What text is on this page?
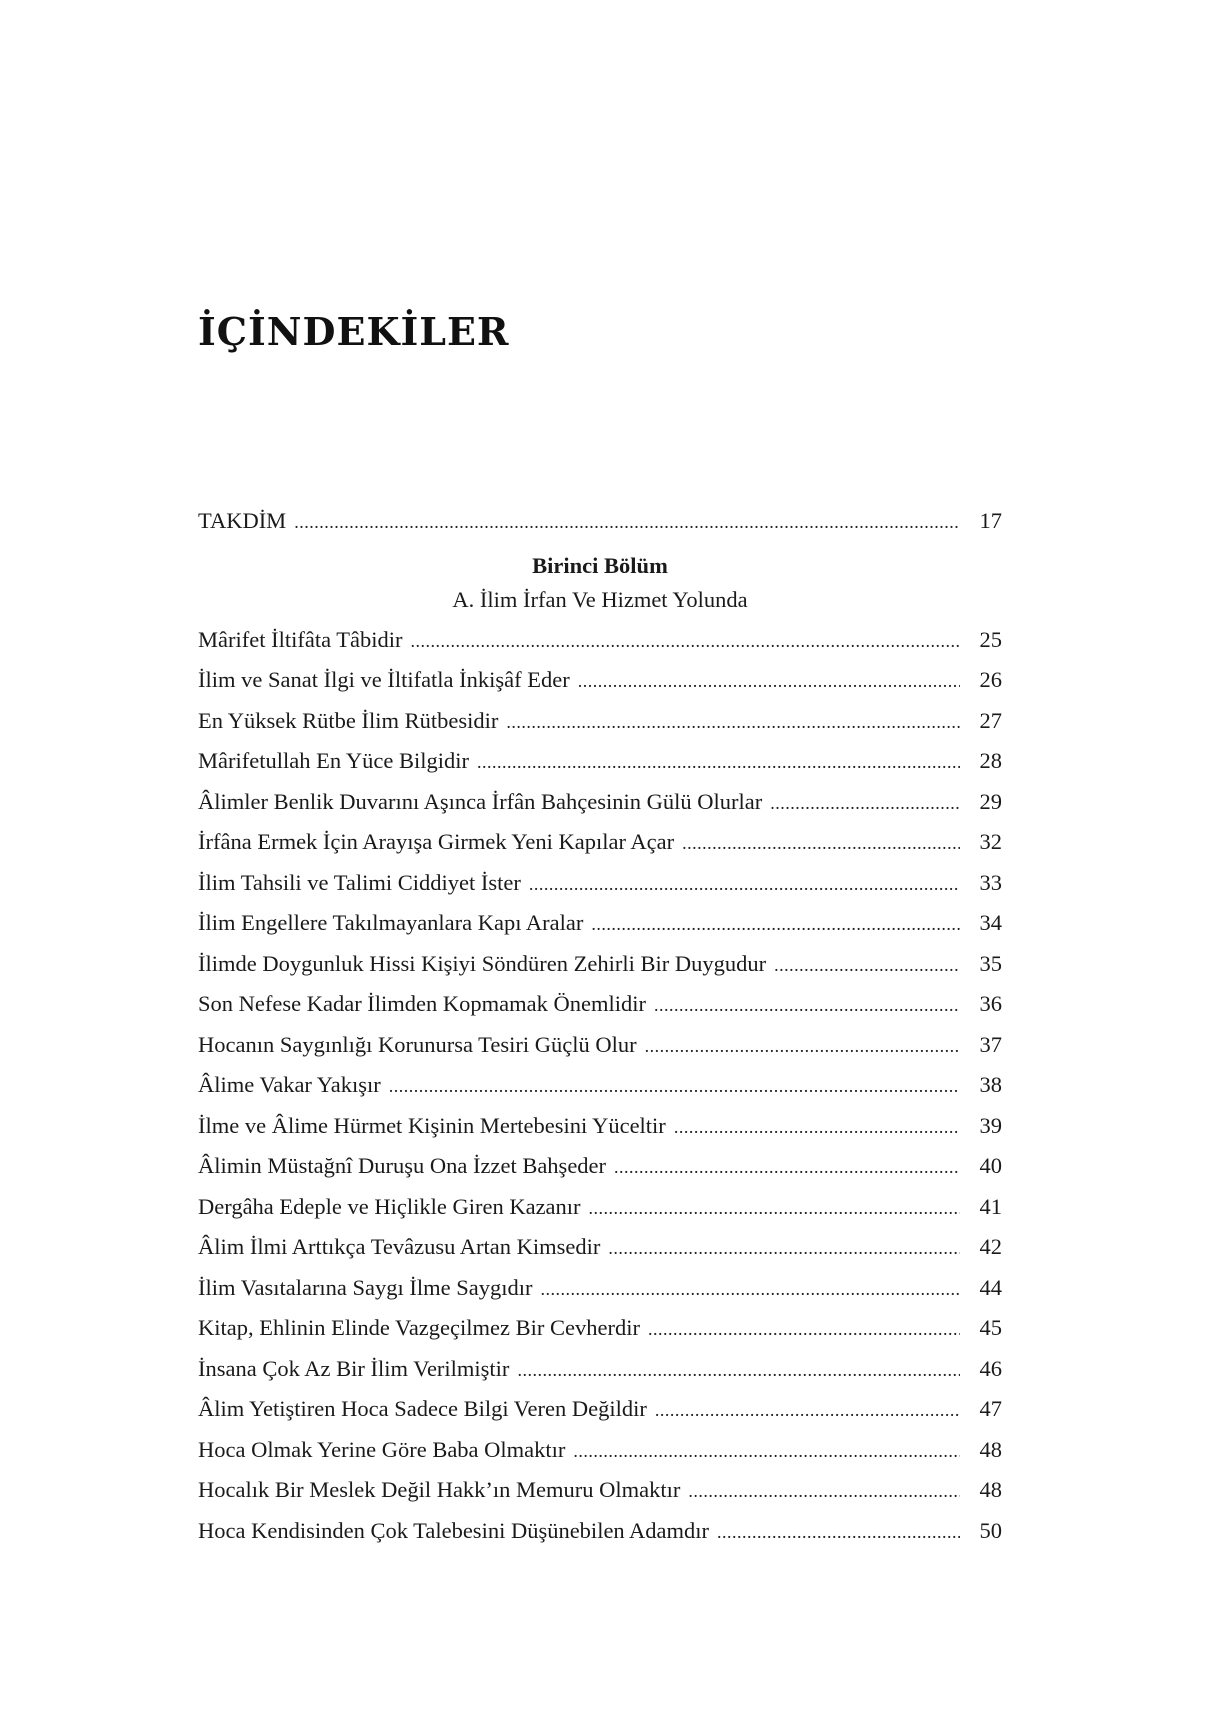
İÇİNDEKİLER
TAKDİM .....	17
Birinci Bölüm
A. İlim İrfan Ve Hizmet Yolunda
Mârifet İltifâta Tâbidir .....	25
İlim ve Sanat İlgi ve İltifatla İnkişâf Eder .....	26
En Yüksek Rütbe İlim Rütbesidir .....	27
Mârifetullah En Yüce Bilgidir .....	28
Âlimler Benlik Duvarını Aşınca İrfân Bahçesinin Gülü Olurlar .....	29
İrfâna Ermek İçin Arayışa Girmek Yeni Kapılar Açar .....	32
İlim Tahsili ve Talimi Ciddiyet İster .....	33
İlim Engellere Takılmayanlara Kapı Aralar .....	34
İlimde Doygunluk Hissi Kişiyi Söndüren Zehirli Bir Duygudur .....	35
Son Nefese Kadar İlimden Kopmamak Önemlidir .....	36
Hocanın Saygınlığı Korunursa Tesiri Güçlü Olur .....	37
Âlime Vakar Yakışır .....	38
İlme ve Âlime Hürmet Kişinin Mertebesini Yüceltir .....	39
Âlimin Müstağnî Duruşu Ona İzzet Bahşeder .....	40
Dergâha Edeple ve Hiçlikle Giren Kazanır .....	41
Âlim İlmi Arttıkça Tevâzusu Artan Kimsedir .....	42
İlim Vasıtalarına Saygı İlme Saygıdır .....	44
Kitap, Ehlinin Elinde Vazgeçilmez Bir Cevherdir .....	45
İnsana Çok Az Bir İlim Verilmiştir .....	46
Âlim Yetiştiren Hoca Sadece Bilgi Veren Değildir .....	47
Hoca Olmak Yerine Göre Baba Olmaktır .....	48
Hocalık Bir Meslek Değil Hakk’ın Memuru Olmaktır .....	48
Hoca Kendisinden Çok Talebesini Düşünebilen Adamdır .....	50
